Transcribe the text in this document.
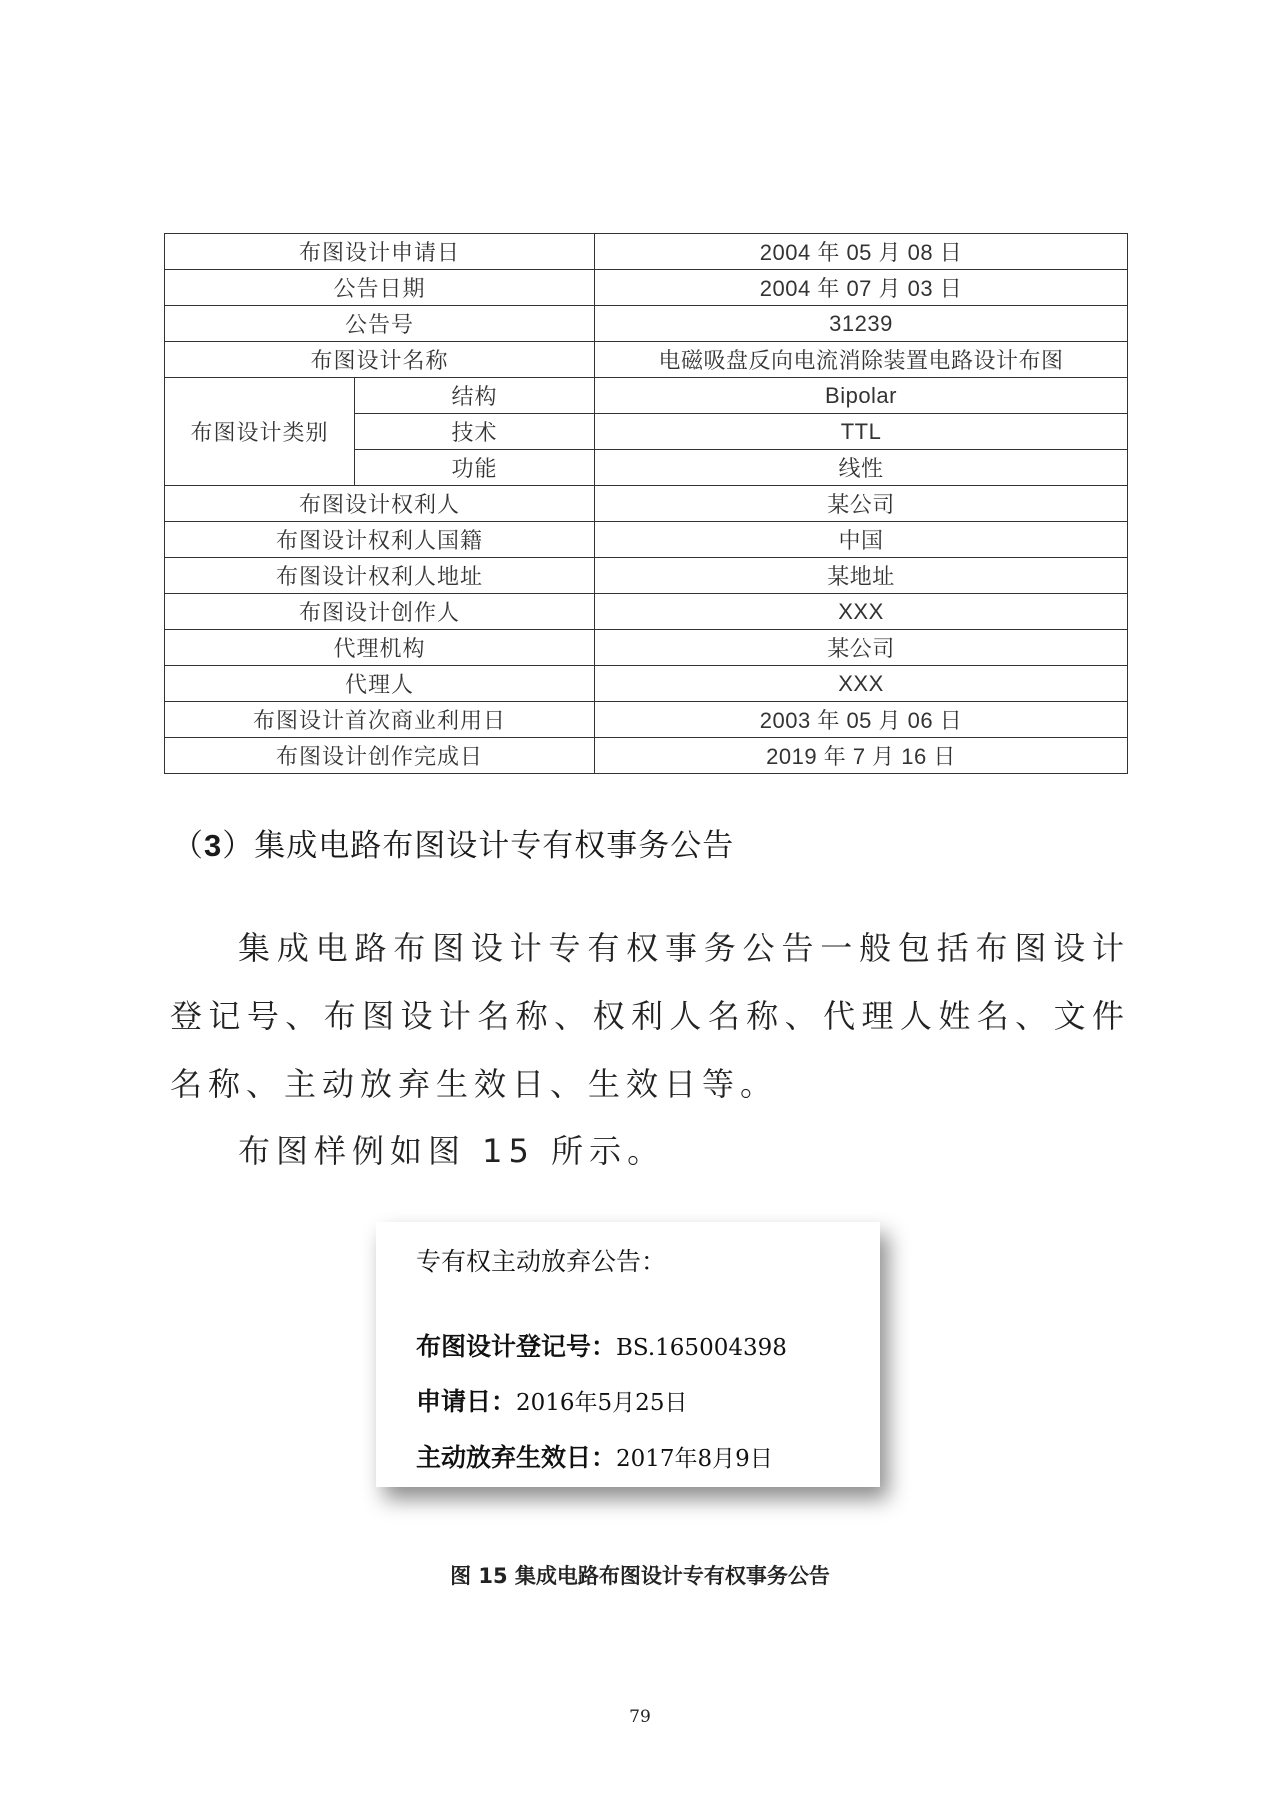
布图设计申请日		2004 年 05 月 08 日
公告日期		2004 年 07 月 03 日
公告号		31239
布图设计名称		电磁吸盘反向电流消除装置电路设计布图
布图设计类别	结构	Bipolar
	技术	TTL
	功能	线性
布图设计权利人		某公司
布图设计权利人国籍		中国
布图设计权利人地址		某地址
布图设计创作人		XXX
代理机构		某公司
代理人		XXX
布图设计首次商业利用日		2003 年 05 月 06 日
布图设计创作完成日		2019 年 7 月 16 日
（3）集成电路布图设计专有权事务公告

集成电路布图设计专有权事务公告一般包括布图设计登记号、布图设计名称、权利人名称、代理人姓名、文件名称、主动放弃生效日、生效日等。

布图样例如图 15 所示。

专有权主动放弃公告：
布图设计登记号：BS.165004398
申请日：2016年5月25日
主动放弃生效日：2017年8月9日
图 15 集成电路布图设计专有权事务公告
79
